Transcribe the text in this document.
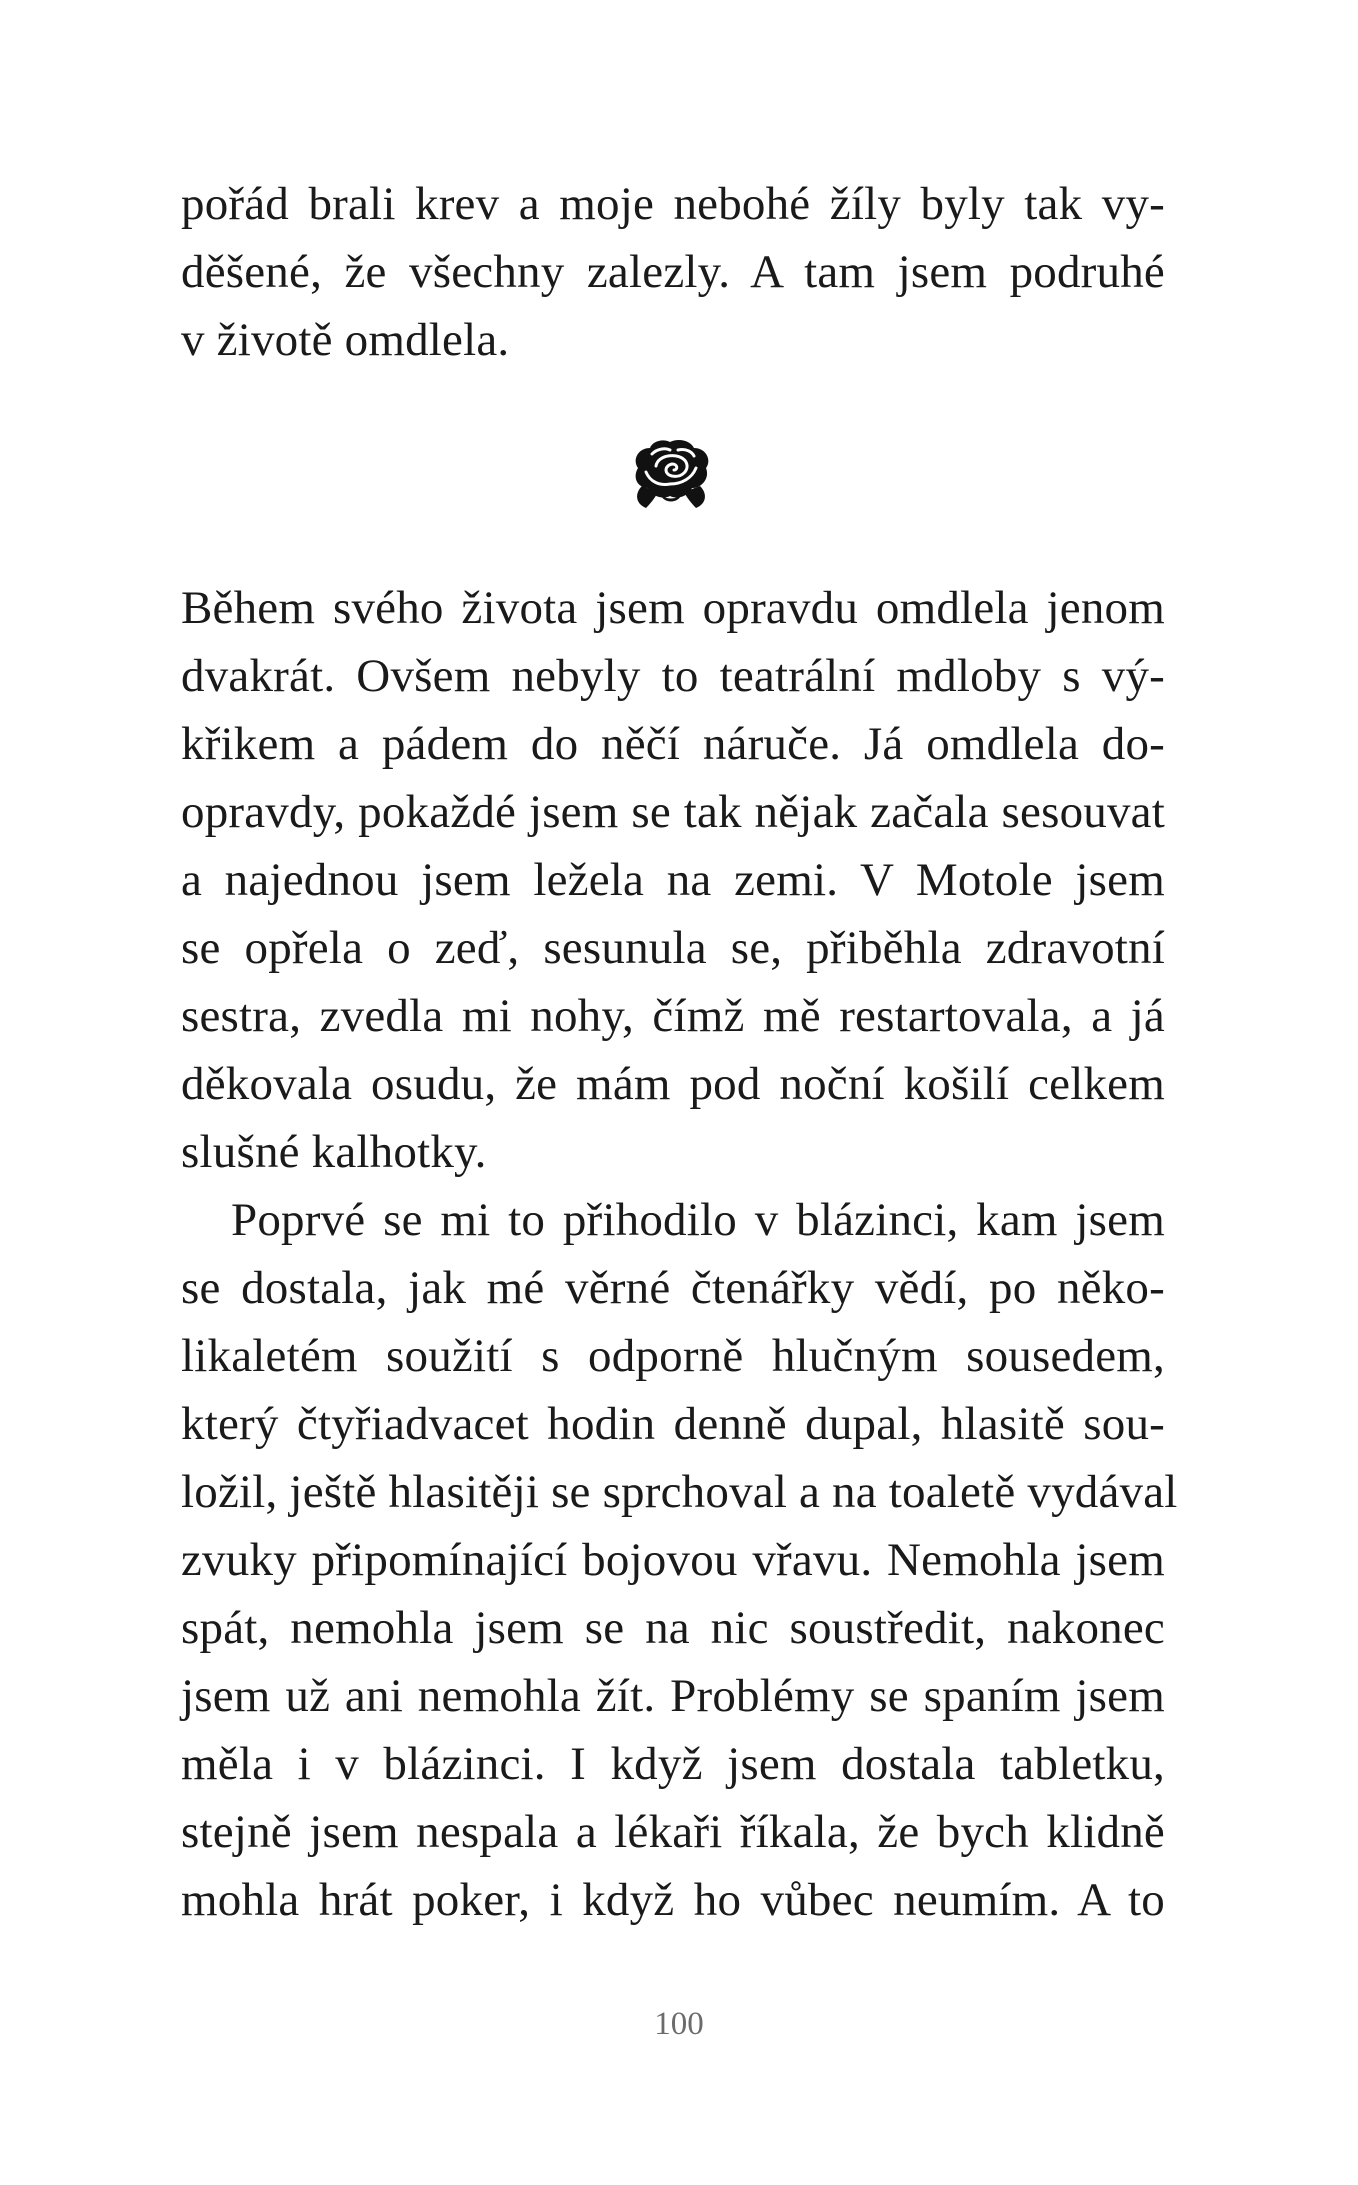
pořád brali krev a moje nebohé žíly byly tak vy-
děšené, že všechny zalezly. A tam jsem podruhé
v životě omdlela.
Během svého života jsem opravdu omdlela jenom
dvakrát. Ovšem nebyly to teatrální mdloby s vý-
křikem a pádem do něčí náruče. Já omdlela do-
opravdy, pokaždé jsem se tak nějak začala sesouvat
a najednou jsem ležela na zemi. V Motole jsem
se opřela o zeď, sesunula se, přiběhla zdravotní
sestra, zvedla mi nohy, čímž mě restartovala, a já
děkovala osudu, že mám pod noční košilí celkem
slušné kalhotky.
Poprvé se mi to přihodilo v blázinci, kam jsem
se dostala, jak mé věrné čtenářky vědí, po něko-
likaletém soužití s odporně hlučným sousedem,
který čtyřiadvacet hodin denně dupal, hlasitě sou-
ložil, ještě hlasitěji se sprchoval a na toaletě vydával
zvuky připomínající bojovou vřavu. Nemohla jsem
spát, nemohla jsem se na nic soustředit, nakonec
jsem už ani nemohla žít. Problémy se spaním jsem
měla i v blázinci. I když jsem dostala tabletku,
stejně jsem nespala a lékaři říkala, že bych klidně
mohla hrát poker, i když ho vůbec neumím. A to
100
